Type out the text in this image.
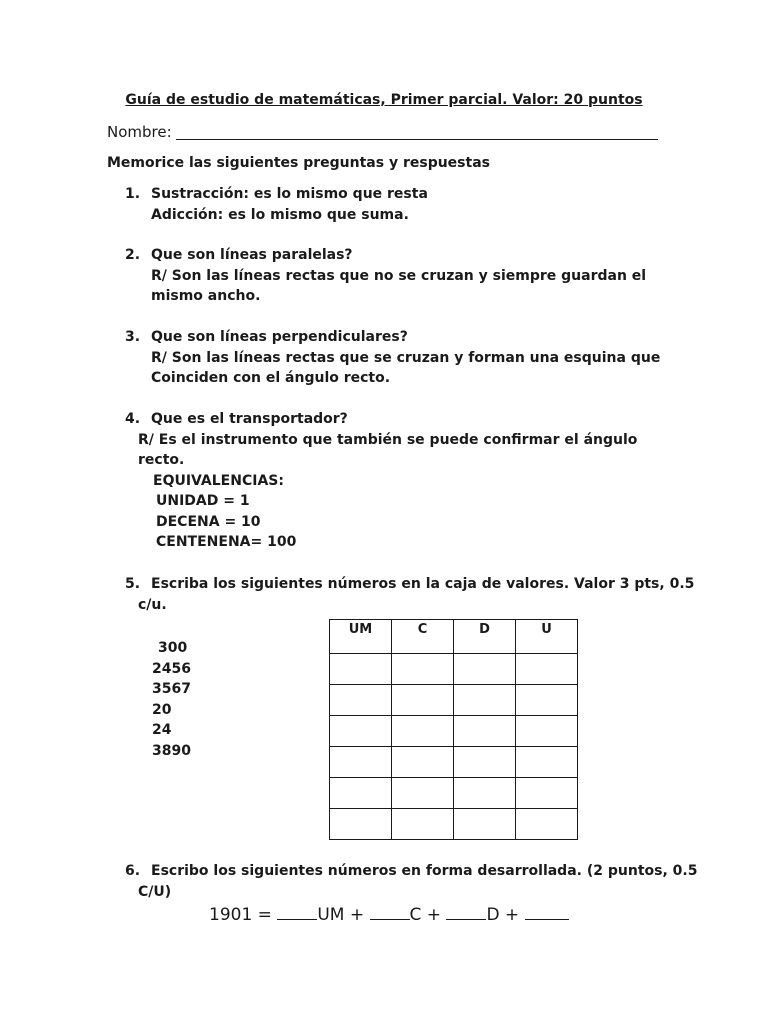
Guía de estudio de matemáticas, Primer parcial. Valor: 20 puntos
Nombre:
Memorice las siguientes preguntas y respuestas
1. Sustracción: es lo mismo que resta
Adicción: es lo mismo que suma.
2. Que son líneas paralelas?
R/ Son las líneas rectas que no se cruzan y siempre guardan el
mismo ancho.
3. Que son líneas perpendiculares?
R/ Son las líneas rectas que se cruzan y forman una esquina que
Coinciden con el ángulo recto.
4. Que es el transportador?
R/ Es el instrumento que también se puede confirmar el ángulo
recto.
EQUIVALENCIAS:
UNIDAD = 1
DECENA = 10
CENTENENA= 100
5. Escriba los siguientes números en la caja de valores. Valor 3 pts, 0.5
c/u.
300
2456
3567
20
24
3890
UM	C	D	U

6. Escribo los siguientes números en forma desarrollada. (2 puntos, 0.5
C/U)
1901 =	UM +	C +	D +
